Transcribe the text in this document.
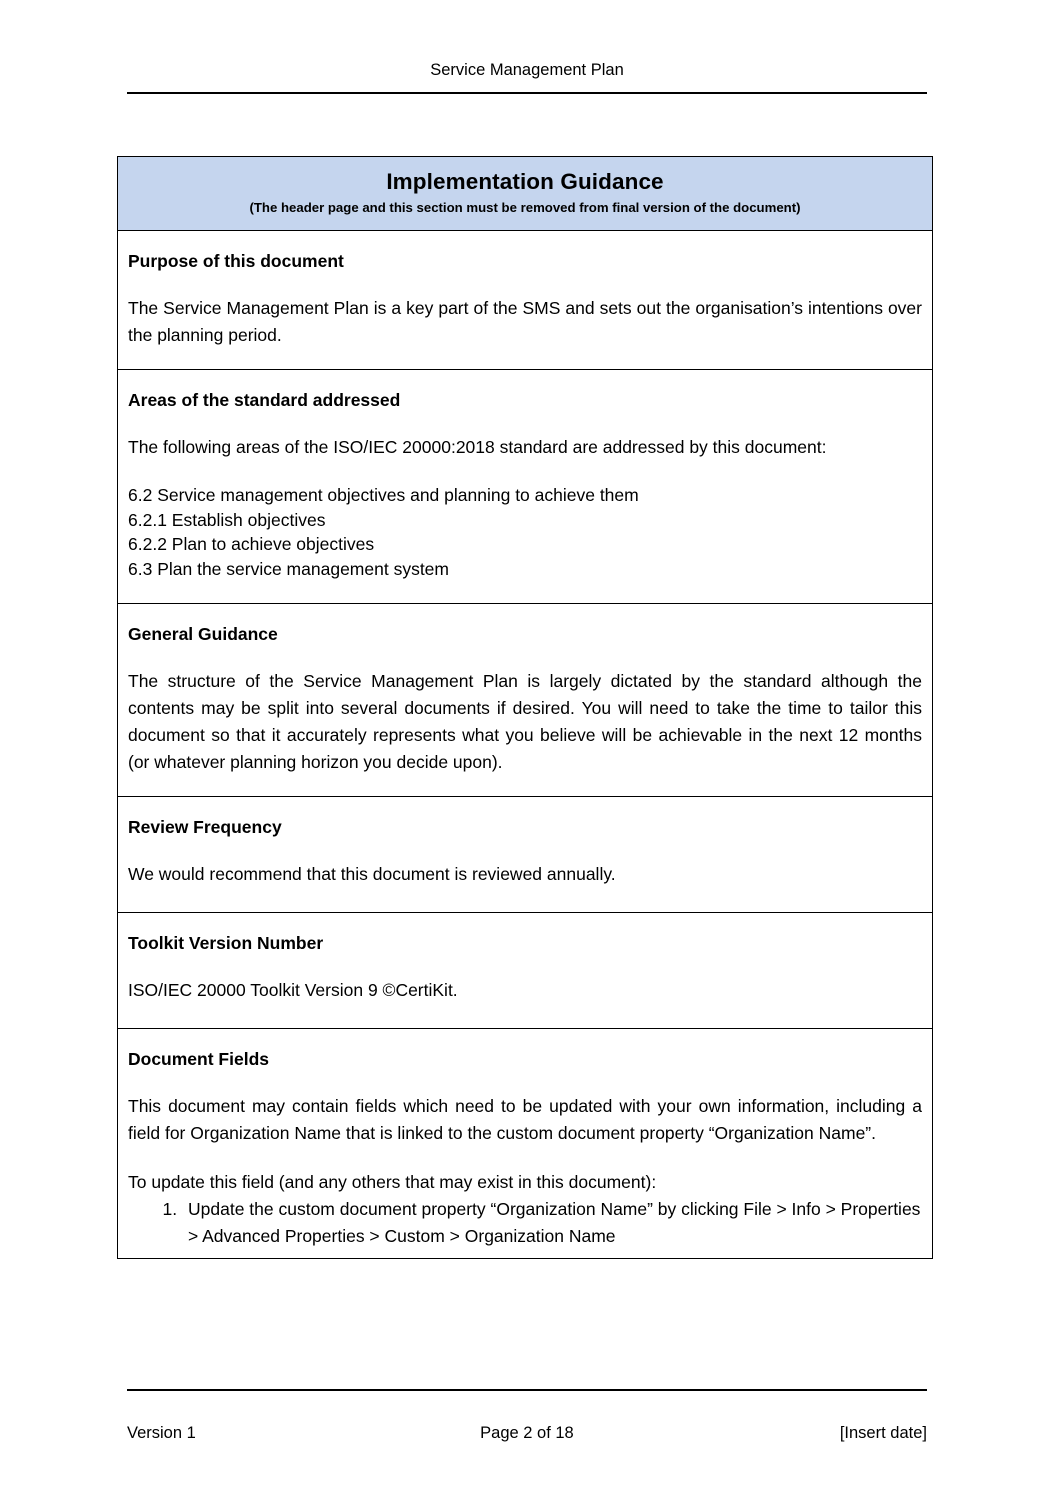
Service Management Plan
Implementation Guidance
(The header page and this section must be removed from final version of the document)
Purpose of this document

The Service Management Plan is a key part of the SMS and sets out the organisation’s intentions over the planning period.

Areas of the standard addressed

The following areas of the ISO/IEC 20000:2018 standard are addressed by this document:

6.2 Service management objectives and planning to achieve them
6.2.1 Establish objectives
6.2.2 Plan to achieve objectives
6.3 Plan the service management system
General Guidance

The structure of the Service Management Plan is largely dictated by the standard although the contents may be split into several documents if desired. You will need to take the time to tailor this document so that it accurately represents what you believe will be achievable in the next 12 months (or whatever planning horizon you decide upon).

Review Frequency

We would recommend that this document is reviewed annually.

Toolkit Version Number

ISO/IEC 20000 Toolkit Version 9 ©CertiKit.

Document Fields

This document may contain fields which need to be updated with your own information, including a field for Organization Name that is linked to the custom document property “Organization Name”.

To update this field (and any others that may exist in this document):

1. Update the custom document property “Organization Name” by clicking File > Info > Properties > Advanced Properties > Custom > Organization Name
Version 1	Page 2 of 18	[Insert date]
